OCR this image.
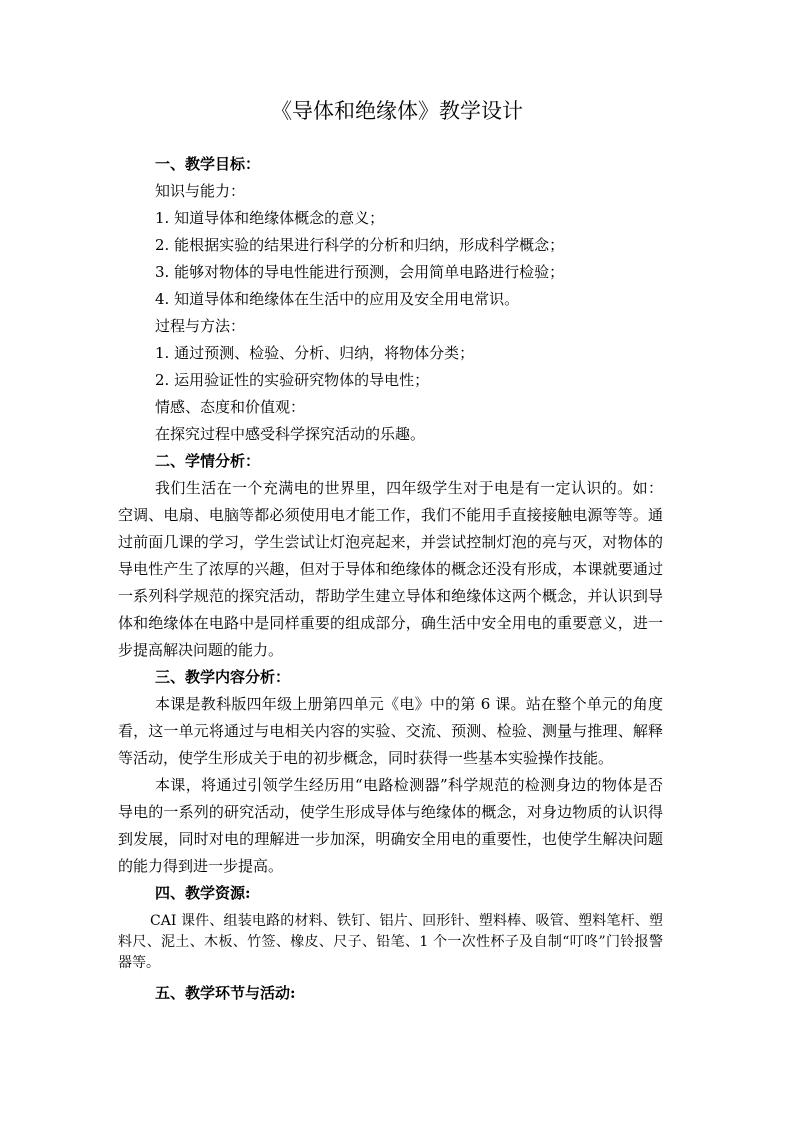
《导体和绝缘体》教学设计
一、教学目标：
知识与能力：
1. 知道导体和绝缘体概念的意义；
2. 能根据实验的结果进行科学的分析和归纳，形成科学概念；
3. 能够对物体的导电性能进行预测，会用简单电路进行检验；
4. 知道导体和绝缘体在生活中的应用及安全用电常识。
过程与方法：
1. 通过预测、检验、分析、归纳，将物体分类；
2. 运用验证性的实验研究物体的导电性；
情感、态度和价值观：
在探究过程中感受科学探究活动的乐趣。
二、学情分析：
我们生活在一个充满电的世界里，四年级学生对于电是有一定认识的。如：空调、电扇、电脑等都必须使用电才能工作，我们不能用手直接接触电源等等。通过前面几课的学习，学生尝试让灯泡亮起来，并尝试控制灯泡的亮与灭，对物体的导电性产生了浓厚的兴趣，但对于导体和绝缘体的概念还没有形成，本课就要通过一系列科学规范的探究活动，帮助学生建立导体和绝缘体这两个概念，并认识到导体和绝缘体在电路中是同样重要的组成部分，确生活中安全用电的重要意义，进一步提高解决问题的能力。
三、教学内容分析：
本课是教科版四年级上册第四单元《电》中的第 6 课。站在整个单元的角度看，这一单元将通过与电相关内容的实验、交流、预测、检验、测量与推理、解释等活动，使学生形成关于电的初步概念，同时获得一些基本实验操作技能。
本课，将通过引领学生经历用“电路检测器”科学规范的检测身边的物体是否导电的一系列的研究活动，使学生形成导体与绝缘体的概念，对身边物质的认识得到发展，同时对电的理解进一步加深，明确安全用电的重要性，也使学生解决问题的能力得到进一步提高。
四、教学资源:
CAI 课件、组装电路的材料、铁钉、铝片、回形针、塑料棒、吸管、塑料笔杆、塑料尺、泥土、木板、竹签、橡皮、尺子、铅笔、1 个一次性杯子及自制“叮咚”门铃报警器等。
五、教学环节与活动:
